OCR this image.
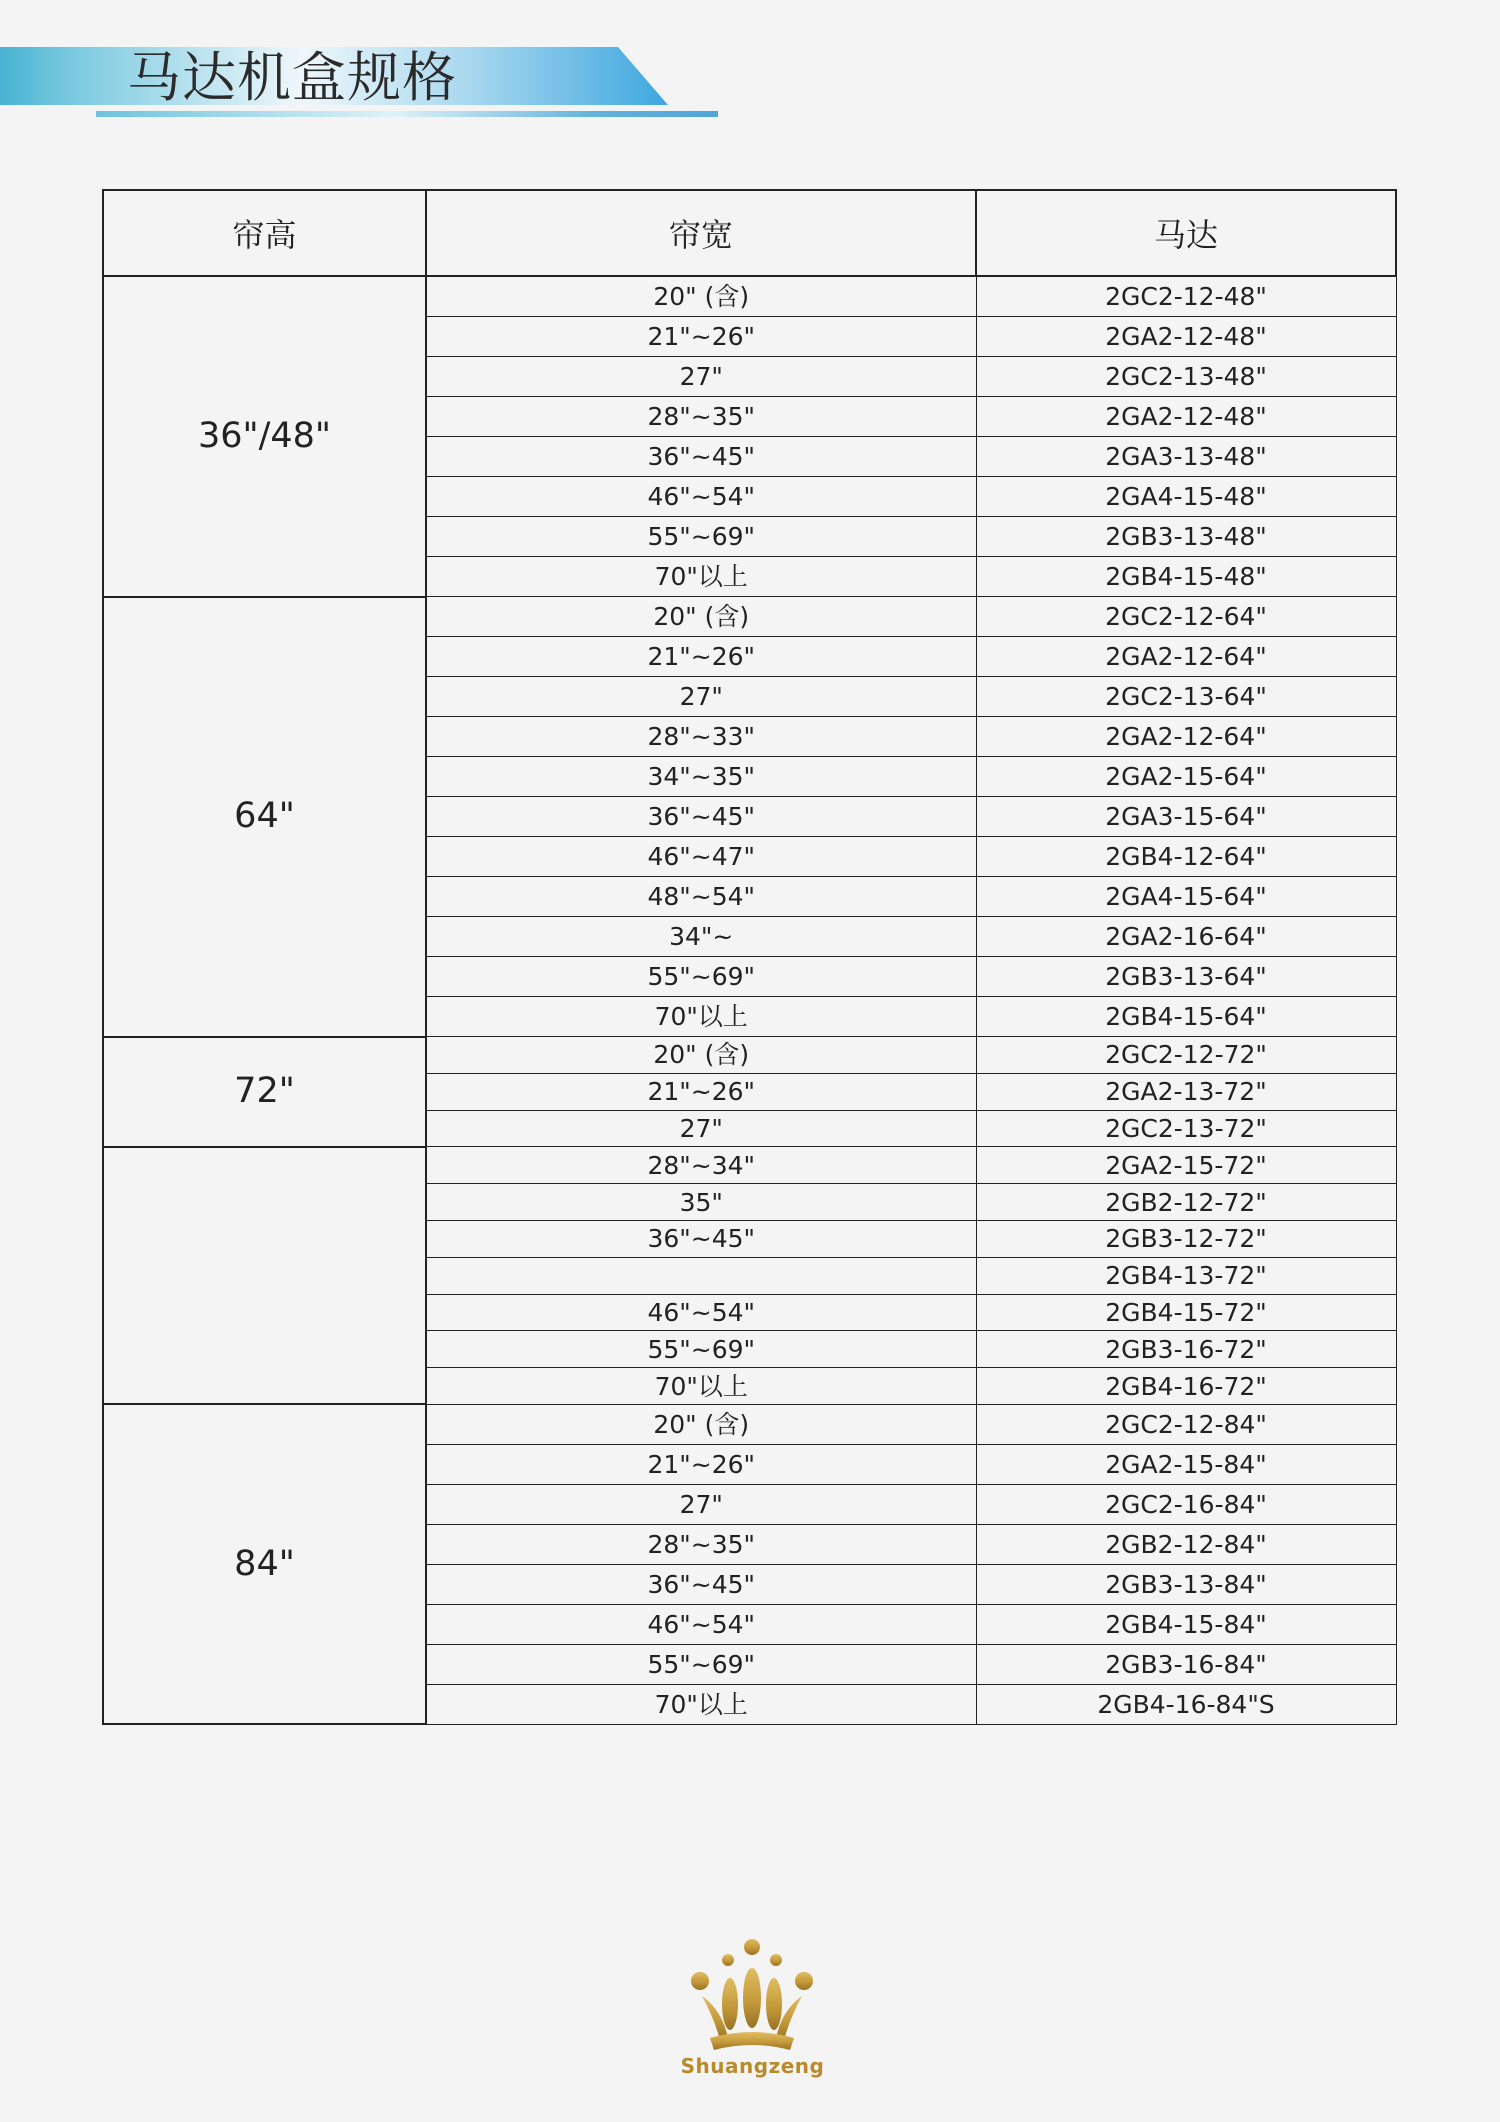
马达机盒规格
帘高	帘宽	马达
36"/48"	20" (含)	2GC2-12-48"
	21"~26"	2GA2-12-48"
	27"	2GC2-13-48"
	28"~35"	2GA2-12-48"
	36"~45"	2GA3-13-48"
	46"~54"	2GA4-15-48"
	55"~69"	2GB3-13-48"
	70"以上	2GB4-15-48"
64"	20" (含)	2GC2-12-64"
	21"~26"	2GA2-12-64"
	27"	2GC2-13-64"
	28"~33"	2GA2-12-64"
	34"~35"	2GA2-15-64"
	36"~45"	2GA3-15-64"
	46"~47"	2GB4-12-64"
	48"~54"	2GA4-15-64"
	34"~	2GA2-16-64"
	55"~69"	2GB3-13-64"
	70"以上	2GB4-15-64"
72"	20" (含)	2GC2-12-72"
	21"~26"	2GA2-13-72"
	27"	2GC2-13-72"
	28"~34"	2GA2-15-72"
	35"	2GB2-12-72"
	36"~45"	2GB3-12-72"
		2GB4-13-72"
	46"~54"	2GB4-15-72"
	55"~69"	2GB3-16-72"
	70"以上	2GB4-16-72"
84"	20" (含)	2GC2-12-84"
	21"~26"	2GA2-15-84"
	27"	2GC2-16-84"
	28"~35"	2GB2-12-84"
	36"~45"	2GB3-13-84"
	46"~54"	2GB4-15-84"
	55"~69"	2GB3-16-84"
	70"以上	2GB4-16-84"S
Shuangzeng
